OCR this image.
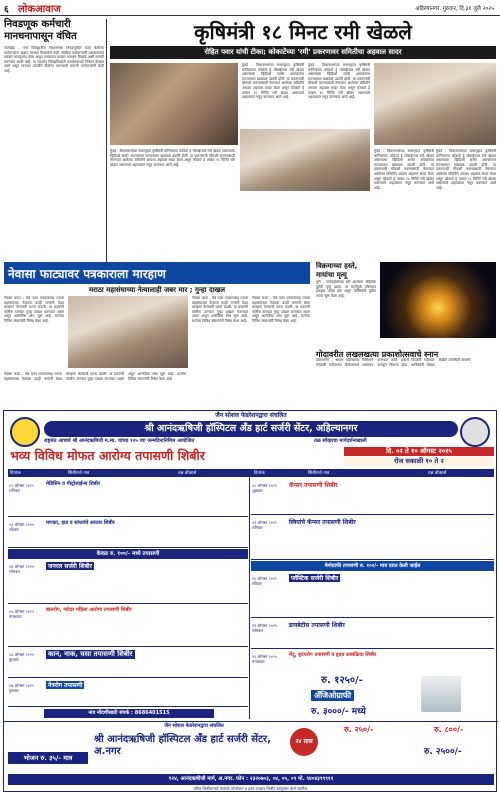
६ लोकआवाज	अहिल्यानगर, गुरुवार, दि.३१ जुलै २०२५
निवडणूक कर्मचारी
मानधनापासून वंचित
जामखेड - नगर जिल्ह्यातील विधानसभा निवडणुकीत काम केलेल्या कर्मचाऱ्यांना अद्याप मानधन मिळालेले नाही. संबंधित कर्मचाऱ्यांनी प्रशासनाकडे वारंवार पाठपुरावा केला असून लवकरात लवकर मानधन मिळावे अशी मागणी करण्यात आली आहे. या संदर्भात जिल्हाधिकारी कार्यालयाकडे निवेदन देण्यात आले असून मानधन तातडीने वितरित करण्याची मागणी कर्मचाऱ्यांनी केली आहे.
कृषिमंत्री १८ मिनट रमी खेळले
रोहित पवार यांची टीका; कोकाटेंच्या 'रमी' प्रकरणावर समितीचा अहवाल सादर
मुंबई - विधानसभेच्या सभागृहात कृषिमंत्री माणिकराव कोकाटे हे मोबाईलवर रमी खेळत असल्याचा व्हिडिओ समोर आल्यानंतर राज्यभरात खळबळ उडाली होती. या प्रकरणाची चौकशी करण्यासाठी नेमण्यात आलेल्या समितीने आपला अहवाल सादर केला असून कोकाटे हे तब्बल १८ मिनिटे रमी खेळत असल्याचे अहवालात नमूद करण्यात आले आहे.
मुंबई - विधानसभेच्या सभागृहात कृषिमंत्री माणिकराव कोकाटे हे मोबाईलवर रमी खेळत असल्याचा व्हिडिओ समोर आल्यानंतर राज्यभरात खळबळ उडाली होती. या प्रकरणाची चौकशी करण्यासाठी नेमण्यात आलेल्या समितीने आपला अहवाल सादर केला असून कोकाटे हे तब्बल १८ मिनिटे रमी खेळत असल्याचे अहवालात नमूद करण्यात आले आहे.
मुंबई - विधानसभेच्या सभागृहात कृषिमंत्री माणिकराव कोकाटे हे मोबाईलवर रमी खेळत असल्याचा व्हिडिओ समोर आल्यानंतर राज्यभरात खळबळ उडाली होती. या प्रकरणाची चौकशी करण्यासाठी नेमण्यात आलेल्या समितीने आपला अहवाल सादर केला असून कोकाटे हे तब्बल १८ मिनिटे रमी खेळत असल्याचे अहवालात नमूद करण्यात आले आहे.
मुंबई - विधानसभेच्या सभागृहात कृषिमंत्री माणिकराव कोकाटे हे मोबाईलवर रमी खेळत असल्याचा व्हिडिओ समोर आल्यानंतर राज्यभरात खळबळ उडाली होती. या प्रकरणाची चौकशी करण्यासाठी नेमण्यात आलेल्या समितीने आपला अहवाल सादर केला असून कोकाटे हे तब्बल १८ मिनिटे रमी खेळत असल्याचे अहवालात नमूद करण्यात आले आहे.
मुंबई - विधानसभेच्या सभागृहात कृषिमंत्री माणिकराव कोकाटे हे मोबाईलवर रमी खेळत असल्याचा व्हिडिओ समोर आल्यानंतर राज्यभरात खळबळ उडाली होती. या प्रकरणाची चौकशी करण्यासाठी नेमण्यात आलेल्या समितीने आपला अहवाल सादर केला असून कोकाटे हे तब्बल १८ मिनिटे रमी खेळत असल्याचे अहवालात नमूद करण्यात आले आहे.
नेवासा फाट्यावर पत्रकाराला मारहाण
मराठा महासंघाच्या नेत्यालाही जबर मार ; गुन्हा दाखल
नेवासा फाटा - येथे एका पत्रकारासह मराठा महासंघाच्या नेत्याला काही जणांनी बेदम मारहाण केल्याची घटना घडली. या प्रकरणी पोलीस ठाण्यात गुन्हा दाखल करण्यात आला असून आरोपींचा शोध सुरू आहे. घटनेचा विविध संघटनांनी निषेध केला आहे.
नेवासा फाटा - येथे एका पत्रकारासह मराठा महासंघाच्या नेत्याला काही जणांनी बेदम मारहाण केल्याची घटना घडली. या प्रकरणी पोलीस ठाण्यात गुन्हा दाखल करण्यात आला असून आरोपींचा शोध सुरू आहे. घटनेचा विविध संघटनांनी निषेध केला आहे.
नेवासा फाटा - येथे एका पत्रकारासह मराठा महासंघाच्या नेत्याला काही जणांनी बेदम मारहाण केल्याची घटना घडली. या प्रकरणी पोलीस ठाण्यात गुन्हा दाखल करण्यात आला असून आरोपींचा शोध सुरू आहे. घटनेचा विविध संघटनांनी निषेध केला आहे.
नेवासा फाटा - येथे एका पत्रकारासह मराठा महासंघाच्या नेत्याला काही जणांनी बेदम मारहाण केल्याची घटना घडली. या प्रकरणी पोलीस ठाण्यात गुन्हा दाखल करण्यात आला असून आरोपींचा शोध सुरू आहे. घटनेचा विविध संघटनांनी निषेध केला आहे.
विक्रमाच्या हस्ते,
मायांचा मृत्यू
पुणे - नातेवाईकांच्या घरी आलेल्या महिलेचा दुर्दैवी मृत्यू झाला. या घटनेमुळे परिसरात हळहळ व्यक्त होत असून पोलिसांनी पुढील तपास सुरू केला आहे.
गोदावरीत लखलखत्या प्रकाशोत्सवाचे स्नान
प्रवरासंगम - श्रावण महिन्याच्या निमित्ताने गोदावरी नदीपात्रात दीपोत्सवाचे आयोजन करण्यात आले. हजारो दिव्यांनी नदीकाठ उजळून निघाला होता. भाविकांनी मोठ्या संख्येने उपस्थिती लावली.
जैन सोशल फेडरेशनद्वारा संचलित
श्री आनंदऋषिजी हॉस्पिटल अँड हार्ट सर्जरी सेंटर, अहिल्यानगर
राष्ट्रसंत आचार्य श्री आनंदऋषिजी म.सा. यांच्या १२५ व्या जन्मदिनानिमित्त आयोजित	तळ सॉव्हरचा मार्गदर्शनाखाली
भव्य विविध मोफत आरोग्य तपासणी शिबीर	दि. ०२ ते १० ऑगस्ट २०२५
रोज सकाळी १० ते २
दिनांक	शिबीराचे नाव	तज्ञ डॉक्टर्स	दिनांक	शिबीराचे नाव	तज्ञ डॉक्टर्स
०२ ऑगस्ट २०२५ शनिवार
मेडिसिन व गॅस्ट्रोसाईन्स शिबीर
०३ ऑगस्ट २०२५ रविवार
मणका, हाड व सांध्यांचे आजार शिबीर
केवळ रु. १००/- मध्ये तपासणी
०४ ऑगस्ट २०२५ सोमवार
जनरल सर्जरी शिबीर
०५ ऑगस्ट २०२५ मंगळवार
बालरोग, गरोदर महिला आरोग्य तपासणी शिबीर
०६ ऑगस्ट २०२५ बुधवार
कान, नाक, घसा तपासणी शिबीर
०७ ऑगस्ट २०२५ गुरुवार
नेत्ररोग तपासणी
नाव नोंदणीसाठी संपर्क : 8686401515
०८ ऑगस्ट २०२५ शुक्रवार
कॅन्सर तपासणी शिबीर
०९ ऑगस्ट २०२५ शनिवार
स्त्रियांचे कॅन्सर तपासणी शिबीर
मेमोग्राफी तपासणी रु. १००/- मात्र दरात केली जाईल
१० ऑगस्ट २०२५ रविवार
प्लॅस्टिक सर्जरी शिबीर
११ ऑगस्ट २०२५ सोमवार
डायबेटीस तपासणी शिबीर
१२ ऑगस्ट २०२५ मंगळवार
मेंदू, हृदयरोग तपासणी व हृदय शस्त्रक्रिया शिबीर
रु. १२५०/-
अँजिओग्राफी
रु. ३०००/- मध्ये
भोजन रु. ३५/- मात्र
जैन सोशल फेडरेशनद्वारा संचलित
श्री आनंदऋषिजी हॉस्पिटल अँड हार्ट सर्जरी सेंटर, अ.नगर
२४ तास
रु. २५०/-	रु. ८००/-
रु. २५००/-
१२४, आनंदऋषीजी मार्ग, अ.नगर. फोन : २३२०७०३, ०४, ०५, ०९ मो. ९४०४३९९९११
वरील शिबीरामध्ये पेशंटचे ऑपरेशन व इतर उपचार शिबीर दरानुसार केले जातील.
